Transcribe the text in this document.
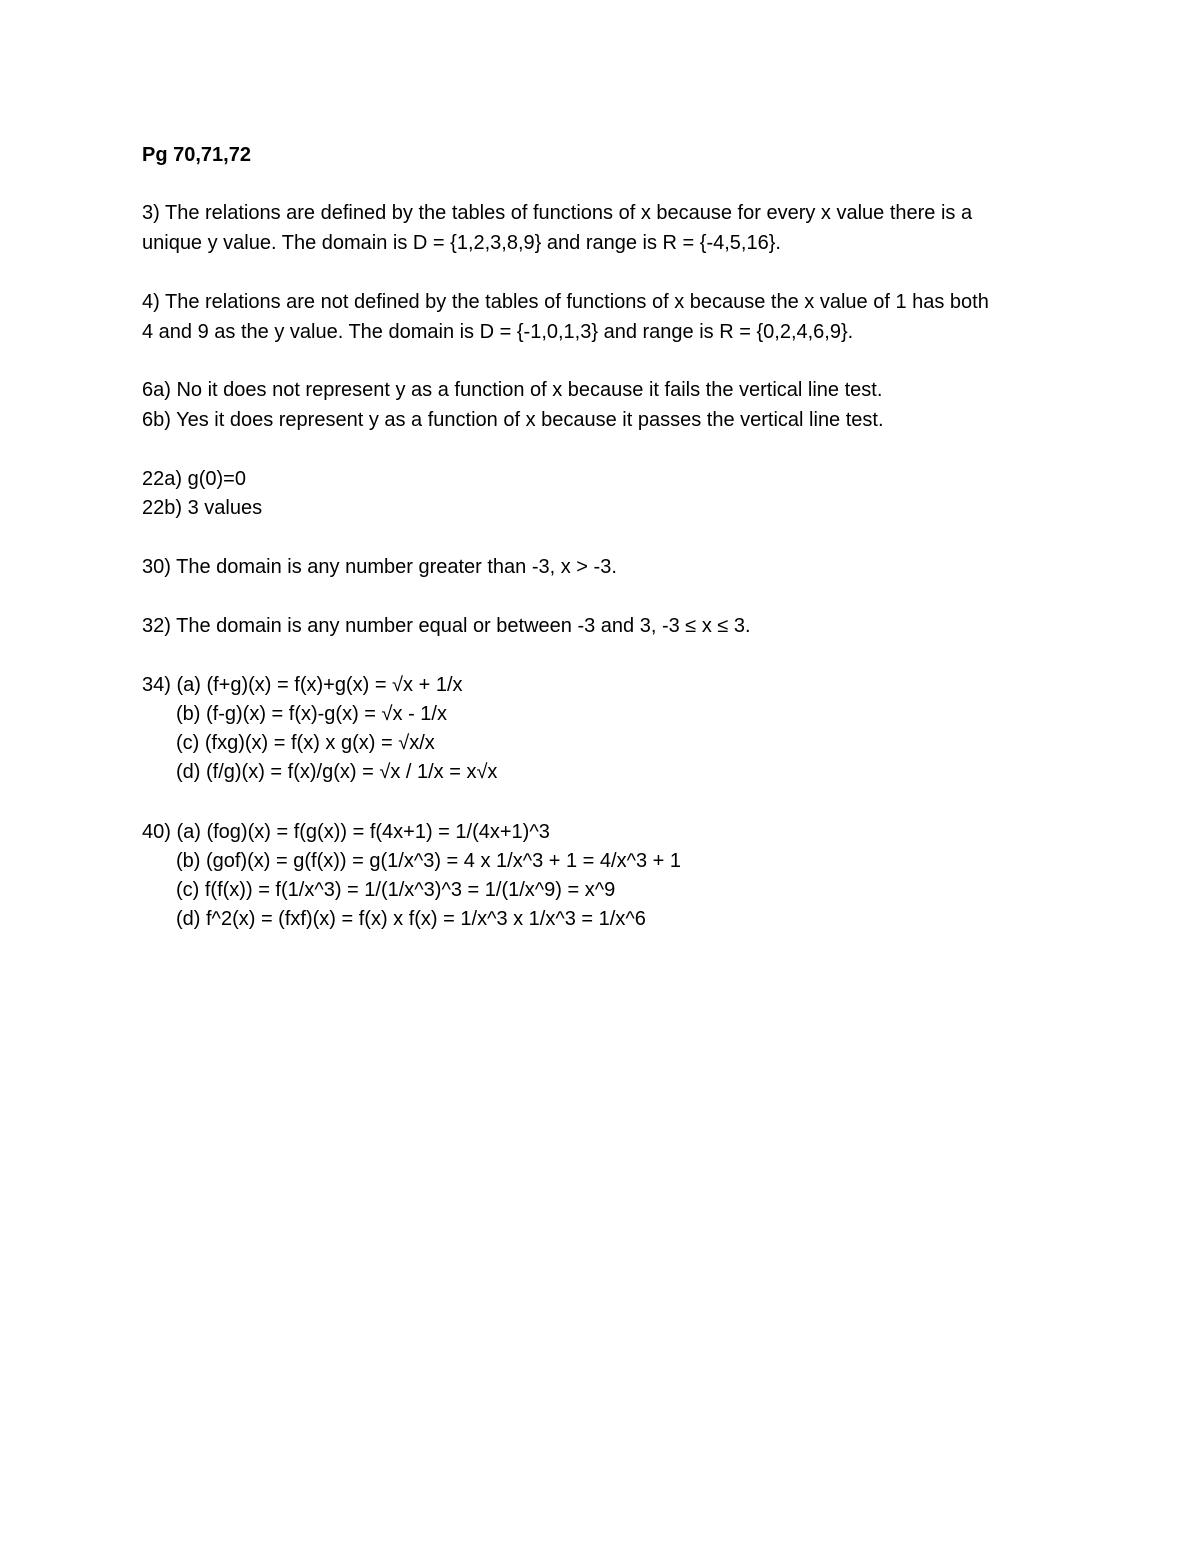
Pg 70,71,72
3) The relations are defined by the tables of functions of x because for every x value there is a
unique y value. The domain is D = {1,2,3,8,9} and range is R = {-4,5,16}.
4) The relations are not defined by the tables of functions of x because the x value of 1 has both
4 and 9 as the y value. The domain is D = {-1,0,1,3} and range is R = {0,2,4,6,9}.
6a) No it does not represent y as a function of x because it fails the vertical line test.
6b) Yes it does represent y as a function of x because it passes the vertical line test.
22a) g(0)=0
22b) 3 values
30) The domain is any number greater than -3, x > -3.
32) The domain is any number equal or between -3 and 3, -3 ≤ x ≤ 3.
34) (a) (f+g)(x) = f(x)+g(x) = √x + 1/x
(b) (f-g)(x) = f(x)-g(x) = √x - 1/x
(c) (fxg)(x) = f(x) x g(x) = √x/x
(d) (f/g)(x) = f(x)/g(x) = √x / 1/x = x√x
40) (a) (fog)(x) = f(g(x)) = f(4x+1) = 1/(4x+1)^3
(b) (gof)(x) = g(f(x)) = g(1/x^3) = 4 x 1/x^3 + 1 = 4/x^3 + 1
(c) f(f(x)) = f(1/x^3) = 1/(1/x^3)^3 = 1/(1/x^9) = x^9
(d) f^2(x) = (fxf)(x) = f(x) x f(x) = 1/x^3 x 1/x^3 = 1/x^6
